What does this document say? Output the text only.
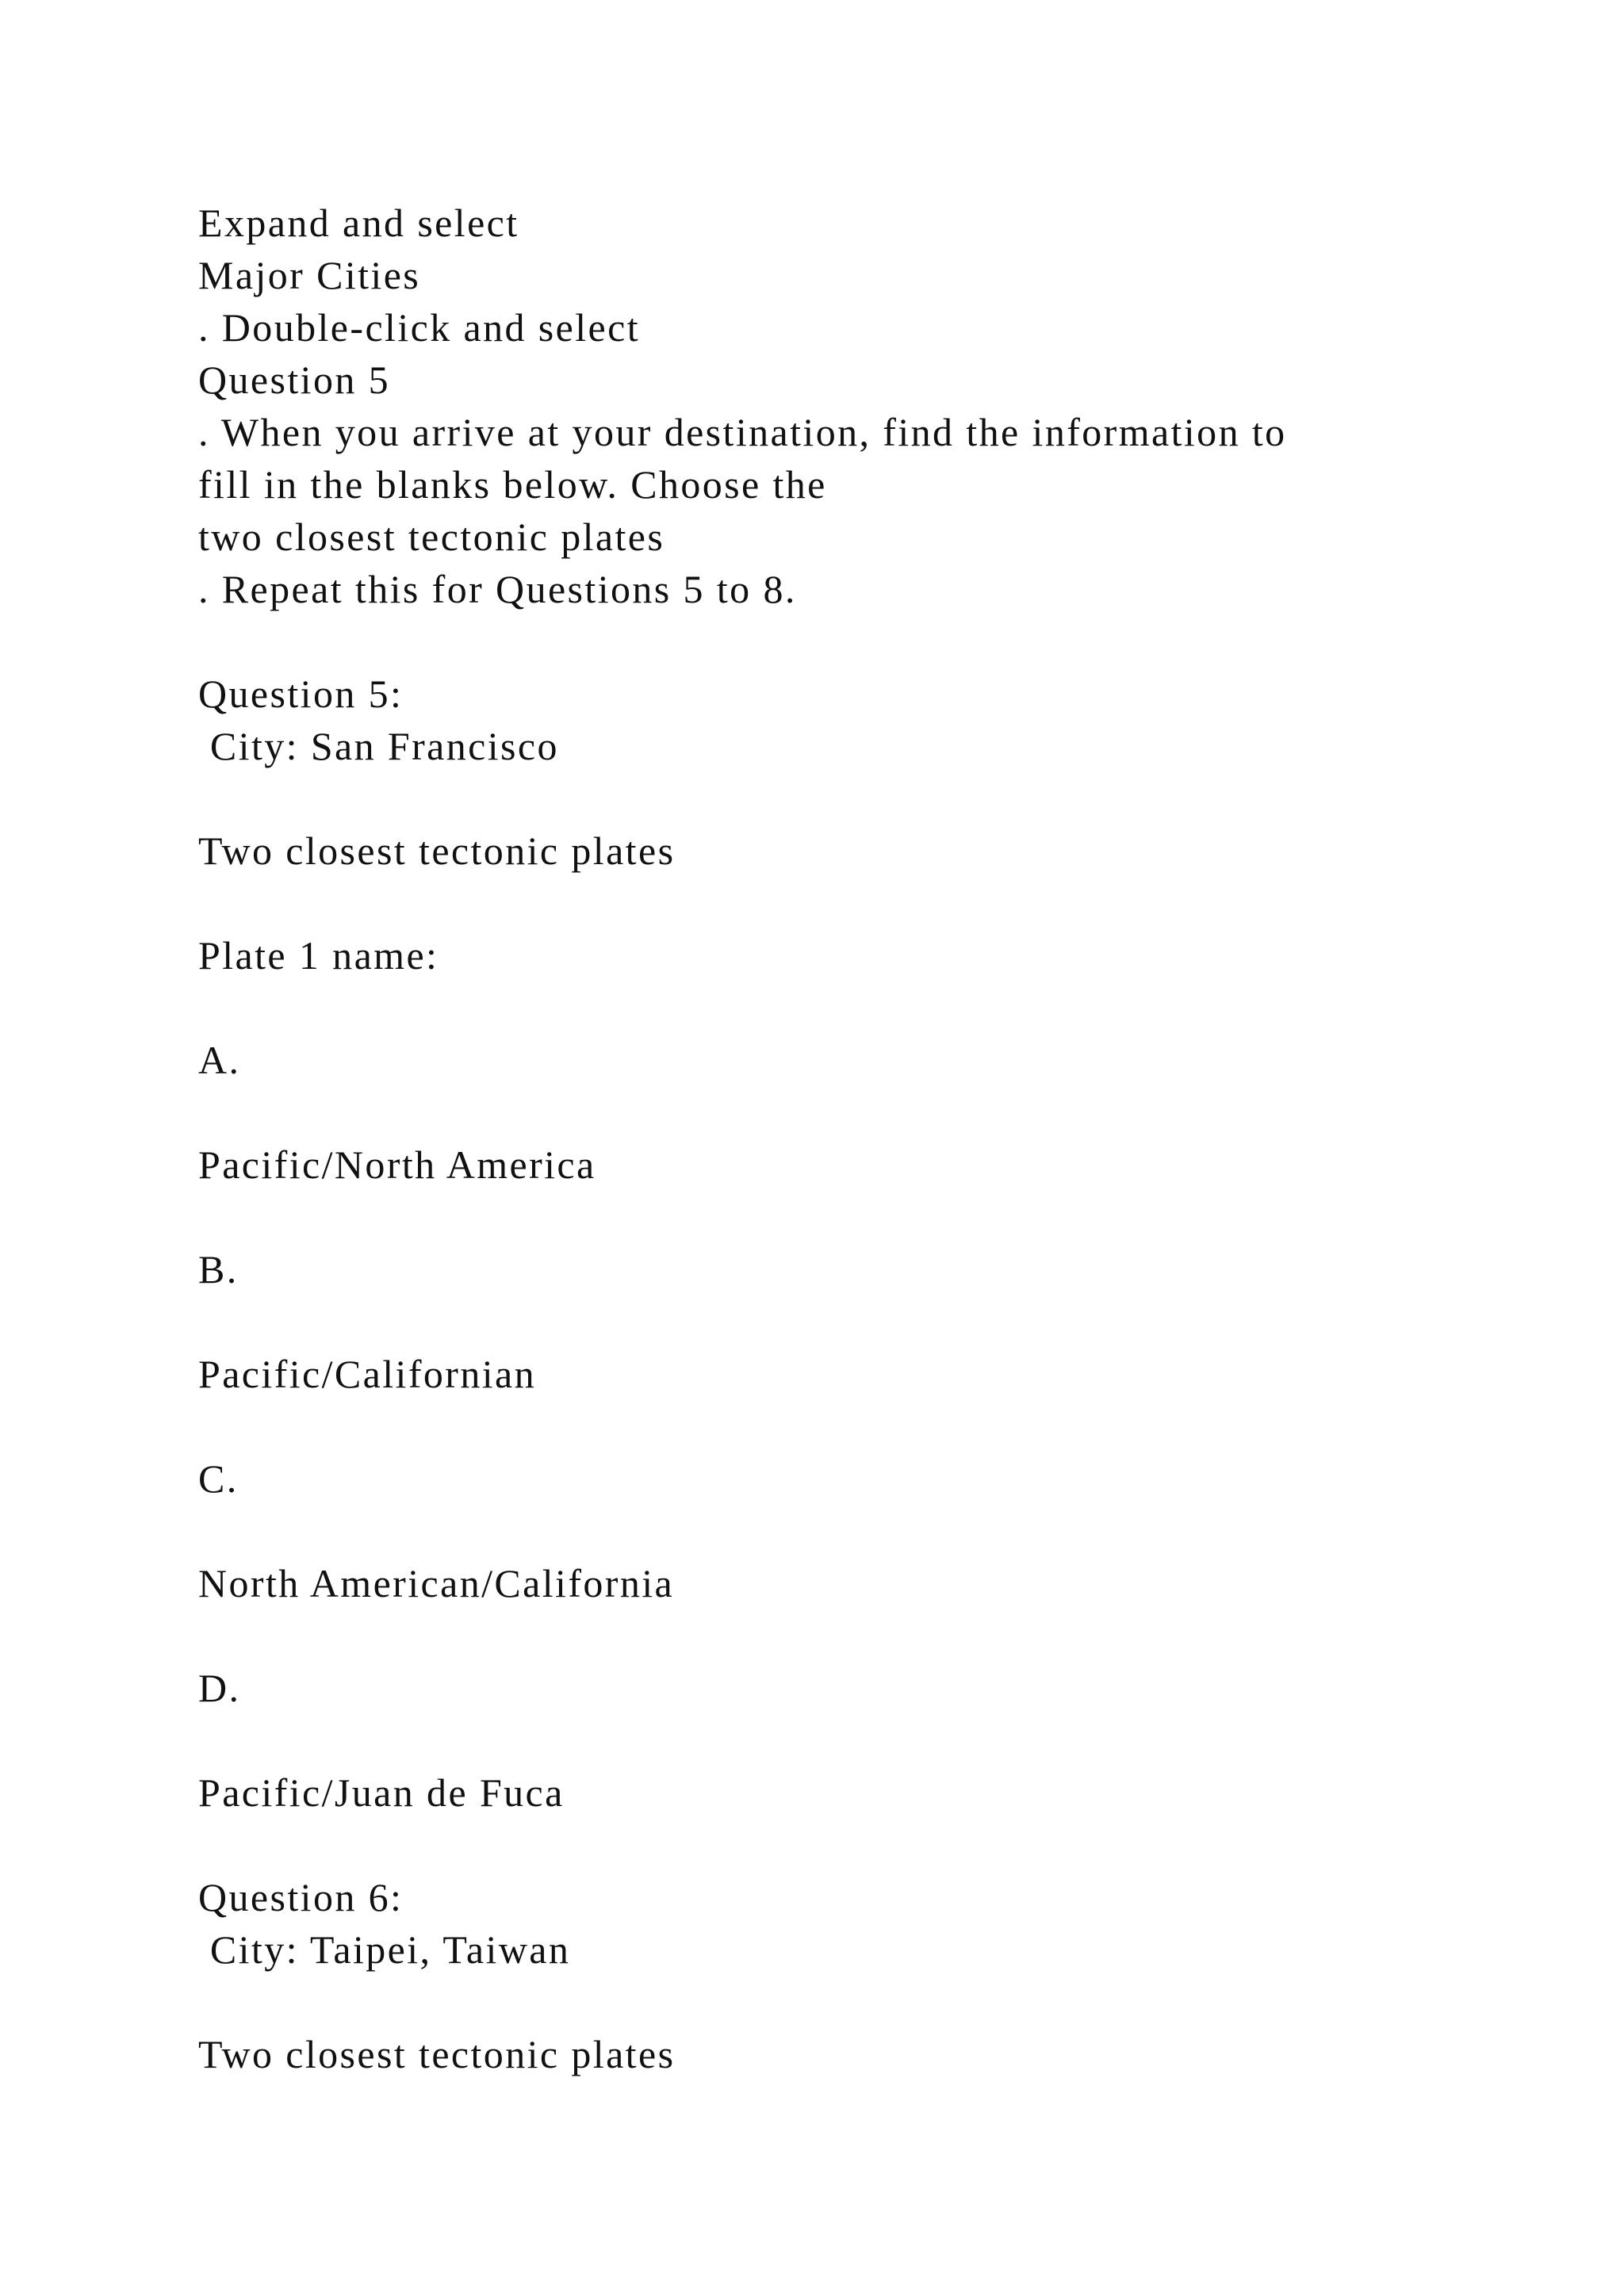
Expand and select
Major Cities
. Double-click and select
Question 5
. When you arrive at your destination, find the information to
fill in the blanks below. Choose the
two closest tectonic plates
. Repeat this for Questions 5 to 8.
Question 5:
City: San Francisco
Two closest tectonic plates
Plate 1 name:
A.
Pacific/North America
B.
Pacific/Californian
C.
North American/California
D.
Pacific/Juan de Fuca
Question 6:
City: Taipei, Taiwan
Two closest tectonic plates
